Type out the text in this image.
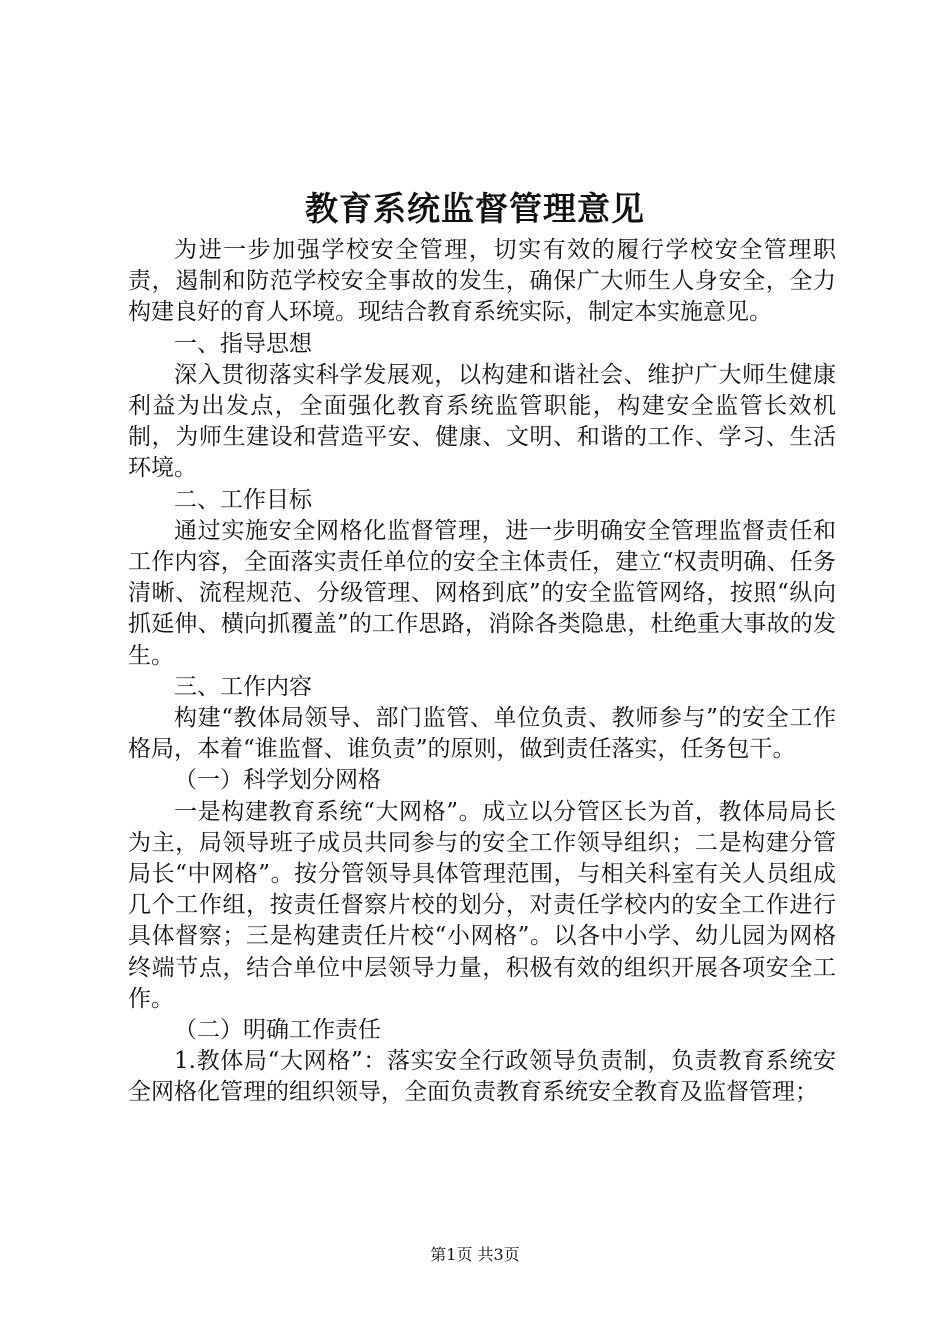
教育系统监督管理意见

为进一步加强学校安全管理，切实有效的履行学校安全管理职责，遏制和防范学校安全事故的发生，确保广大师生人身安全，全力构建良好的育人环境。现结合教育系统实际，制定本实施意见。

一、指导思想

深入贯彻落实科学发展观，以构建和谐社会、维护广大师生健康利益为出发点，全面强化教育系统监管职能，构建安全监管长效机制，为师生建设和营造平安、健康、文明、和谐的工作、学习、生活环境。

二、工作目标

通过实施安全网格化监督管理，进一步明确安全管理监督责任和工作内容，全面落实责任单位的安全主体责任，建立“权责明确、任务清晰、流程规范、分级管理、网格到底”的安全监管网络，按照“纵向抓延伸、横向抓覆盖”的工作思路，消除各类隐患，杜绝重大事故的发生。

三、工作内容

构建“教体局领导、部门监管、单位负责、教师参与”的安全工作格局，本着“谁监督、谁负责”的原则，做到责任落实，任务包干。

（一）科学划分网格

一是构建教育系统“大网格”。成立以分管区长为首，教体局局长为主，局领导班子成员共同参与的安全工作领导组织；二是构建分管局长“中网格”。按分管领导具体管理范围，与相关科室有关人员组成几个工作组，按责任督察片校的划分，对责任学校内的安全工作进行具体督察；三是构建责任片校“小网格”。以各中小学、幼儿园为网格终端节点，结合单位中层领导力量，积极有效的组织开展各项安全工作。

（二）明确工作责任

1.教体局“大网格”：落实安全行政领导负责制，负责教育系统安全网格化管理的组织领导，全面负责教育系统安全教育及监督管理；

第1页 共3页
